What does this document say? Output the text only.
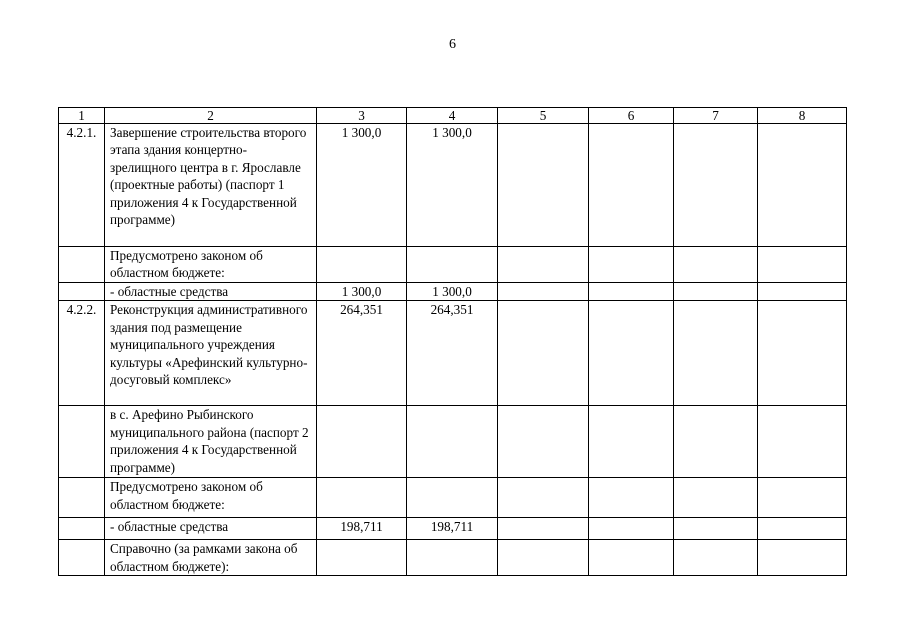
6
1	2	3	4	5	6	7	8
4.2.1.	Завершение строительства второго этапа здания концертно-зрелищного центра в г. Ярославле (проектные работы) (паспорт 1 приложения 4 к Государственной программе)	1 300,0	1 300,0				
	Предусмотрено законом об областном бюджете:						
	- областные средства	1 300,0	1 300,0				
4.2.2.	Реконструкция административного здания под размещение муниципального учреждения культуры «Арефинский культурно-досуговый комплекс»	264,351	264,351				
	в с. Арефино Рыбинского муниципального района (паспорт 2 приложения 4 к Государственной программе)						
	Предусмотрено законом об областном бюджете:						
	- областные средства	198,711	198,711				
	Справочно (за рамками закона об областном бюджете):						
